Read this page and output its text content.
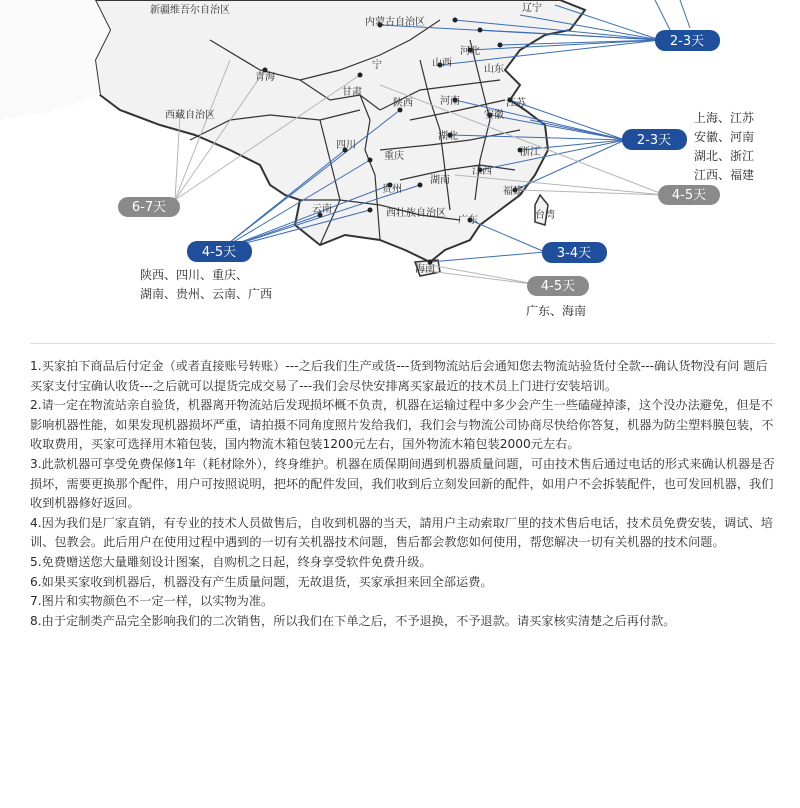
新疆维吾尔自治区
内蒙古自治区
辽宁
青海
河北
山西
山东
宁
甘肃
西藏自治区
陕西	河南	江苏
安徽
四川
湖北
浙江
重庆
贵州
湖南
江西
福建
云南	西壮族自治区
广东	台湾
海南
2-3天
2-3天
4-5天
6-7天
4-5天	3-4天
4-5天
上海、江苏
安徽、河南
湖北、浙江
江西、福建
陕西、四川、重庆、
湖南、贵州、云南、广西
广东、海南
1.买家拍下商品后付定金（或者直接账号转账）---之后我们生产或货---货到物流站后会通知您去物流站验货付全款---确认货物没有问 题后买家支付宝确认收货---之后就可以提货完成交易了---我们会尽快安排离买家最近的技术员上门进行安装培训。
2.请一定在物流站亲自验货，机器离开物流站后发现损坏概不负责，机器在运输过程中多少会产生一些磕碰掉漆，这个没办法避免，但是不影响机器性能，如果发现机器损坏严重，请拍摄不同角度照片发给我们，我们会与物流公司协商尽快给你答复，机器为防尘塑料膜包装，不收取费用，买家可选择用木箱包装，国内物流木箱包装1200元左右，国外物流木箱包装2000元左右。
3.此款机器可享受免费保修1年（耗材除外），终身维护。机器在质保期间遇到机器质量问题，可由技术售后通过电话的形式来确认机器是否损坏，需要更换那个配件，用户可按照说明，把坏的配件发回，我们收到后立刻发回新的配件，如用户不会拆装配件，也可发回机器，我们收到机器修好返回。
4.因为我们是厂家直销，有专业的技术人员做售后，自收到机器的当天，請用户主动索取厂里的技术售后电话，技术员免费安装，调试、培训、包教会。此后用户在使用过程中遇到的一切有关机器技术问题，售后都会教您如何使用，帮您解决一切有关机器的技术问题。
5.免费赠送您大量雕刻设计图案，自购机之日起，终身享受软件免费升级。
6.如果买家收到机器后，机器没有产生质量问题，无故退货，买家承担来回全部运费。
7.图片和实物颜色不一定一样，以实物为准。
8.由于定制类产品完全影响我们的二次销售，所以我们在下单之后，不予退换，不予退款。请买家核实清楚之后再付款。
